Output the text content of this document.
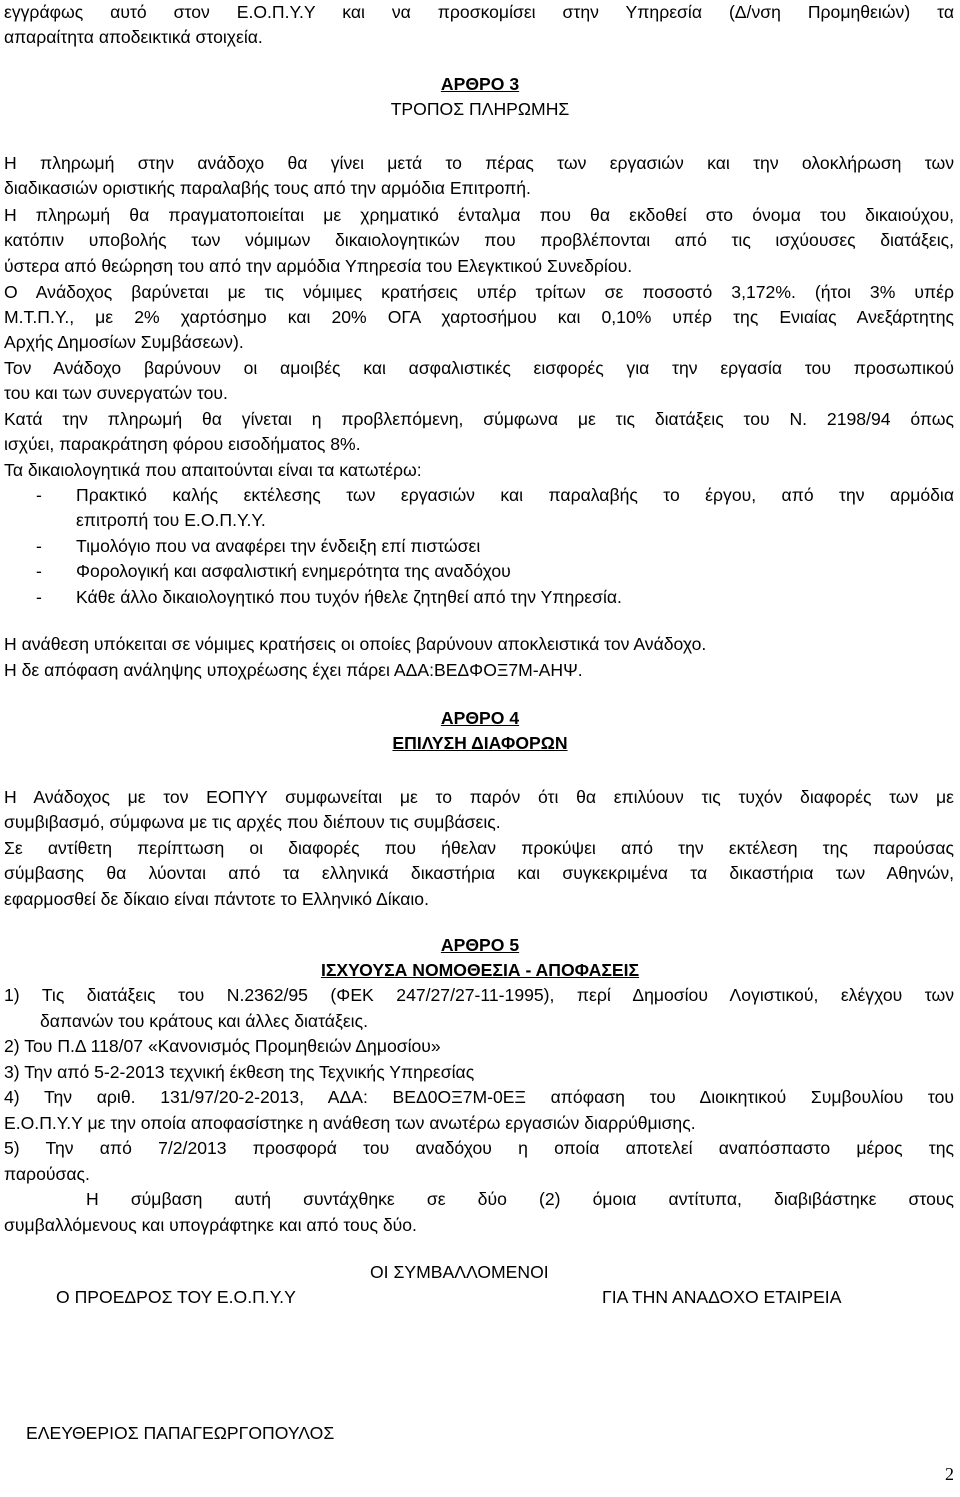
εγγράφως αυτό στον Ε.Ο.Π.Υ.Υ και να προσκομίσει στην Υπηρεσία (Δ/νση Προμηθειών) τα
απαραίτητα αποδεικτικά στοιχεία.
ΑΡΘΡΟ 3
ΤΡΟΠΟΣ ΠΛΗΡΩΜΗΣ
Η πληρωμή στην ανάδοχο θα γίνει μετά το πέρας των εργασιών και την ολοκλήρωση των
διαδικασιών οριστικής παραλαβής τους από την αρμόδια Επιτροπή.
Η πληρωμή θα πραγματοποιείται με χρηματικό ένταλμα που θα εκδοθεί στο όνομα του δικαιούχου,
κατόπιν υποβολής των νόμιμων δικαιολογητικών που προβλέπονται από τις ισχύουσες διατάξεις,
ύστερα από θεώρηση του από την αρμόδια Υπηρεσία του Ελεγκτικού Συνεδρίου.
Ο Ανάδοχος βαρύνεται με τις νόμιμες κρατήσεις υπέρ τρίτων σε ποσοστό 3,172%. (ήτοι 3% υπέρ
Μ.Τ.Π.Υ., με 2% χαρτόσημο και 20% ΟΓΑ χαρτοσήμου και 0,10% υπέρ της Ενιαίας Ανεξάρτητης
Αρχής Δημοσίων Συμβάσεων).
Τον Ανάδοχο βαρύνουν οι αμοιβές και ασφαλιστικές εισφορές για την εργασία του προσωπικού
του και των συνεργατών του.
Κατά την πληρωμή θα γίνεται η προβλεπόμενη, σύμφωνα με τις διατάξεις του Ν. 2198/94 όπως
ισχύει, παρακράτηση φόρου εισοδήματος 8%.
Τα δικαιολογητικά που απαιτούνται είναι τα κατωτέρω:
- Πρακτικό καλής εκτέλεσης των εργασιών και παραλαβής το έργου, από την αρμόδια
επιτροπή του Ε.Ο.Π.Υ.Υ.
- Τιμολόγιο που να αναφέρει την ένδειξη επί πιστώσει
- Φορολογική και ασφαλιστική ενημερότητα της αναδόχου
- Κάθε άλλο δικαιολογητικό που τυχόν ήθελε ζητηθεί από την Υπηρεσία.
Η ανάθεση υπόκειται σε νόμιμες κρατήσεις οι οποίες βαρύνουν αποκλειστικά τον Ανάδοχο.
Η δε απόφαση ανάληψης υποχρέωσης έχει πάρει ΑΔΑ:ΒΕΔΦΟΞ7Μ-ΑΗΨ.
ΑΡΘΡΟ 4
ΕΠΙΛΥΣΗ ΔΙΑΦΟΡΩΝ
Η Ανάδοχος με τον ΕΟΠΥΥ συμφωνείται με το παρόν ότι θα επιλύουν τις τυχόν διαφορές των με
συμβιβασμό, σύμφωνα με τις αρχές που διέπουν τις συμβάσεις.
Σε αντίθετη περίπτωση οι διαφορές που ήθελαν προκύψει από την εκτέλεση της παρούσας
σύμβασης θα λύονται από τα ελληνικά δικαστήρια και συγκεκριμένα τα δικαστήρια των Αθηνών,
εφαρμοσθεί δε δίκαιο είναι πάντοτε το Ελληνικό Δίκαιο.
ΑΡΘΡΟ 5
ΙΣΧΥΟΥΣΑ ΝΟΜΟΘΕΣΙΑ - ΑΠΟΦΑΣΕΙΣ
1) Τις διατάξεις του Ν.2362/95 (ΦΕΚ 247/27/27-11-1995), περί Δημοσίου Λογιστικού, ελέγχου των
δαπανών του κράτους και άλλες διατάξεις.
2) Του Π.Δ 118/07 «Κανονισμός Προμηθειών Δημοσίου»
3) Την από 5-2-2013 τεχνική έκθεση της Τεχνικής Υπηρεσίας
4) Την αριθ. 131/97/20-2-2013, ΑΔΑ: ΒΕΔ0ΟΞ7Μ-0ΕΞ απόφαση του Διοικητικού Συμβουλίου του
Ε.Ο.Π.Υ.Υ με την οποία αποφασίστηκε η ανάθεση των ανωτέρω εργασιών διαρρύθμισης.
5) Την από 7/2/2013 προσφορά του αναδόχου η οποία αποτελεί αναπόσπαστο μέρος της
παρούσας.
Η σύμβαση αυτή συντάχθηκε σε δύο (2) όμοια αντίτυπα, διαβιβάστηκε στους
συμβαλλόμενους και υπογράφτηκε και από τους δύο.
ΟΙ ΣΥΜΒΑΛΛΟΜΕΝΟΙ
Ο ΠΡΟΕΔΡΟΣ ΤΟΥ Ε.Ο.Π.Υ.Υ	ΓΙΑ ΤΗΝ ΑΝΑΔΟΧΟ ΕΤΑΙΡΕΙΑ
ΕΛΕΥΘΕΡΙΟΣ ΠΑΠΑΓΕΩΡΓΟΠΟΥΛΟΣ
2
